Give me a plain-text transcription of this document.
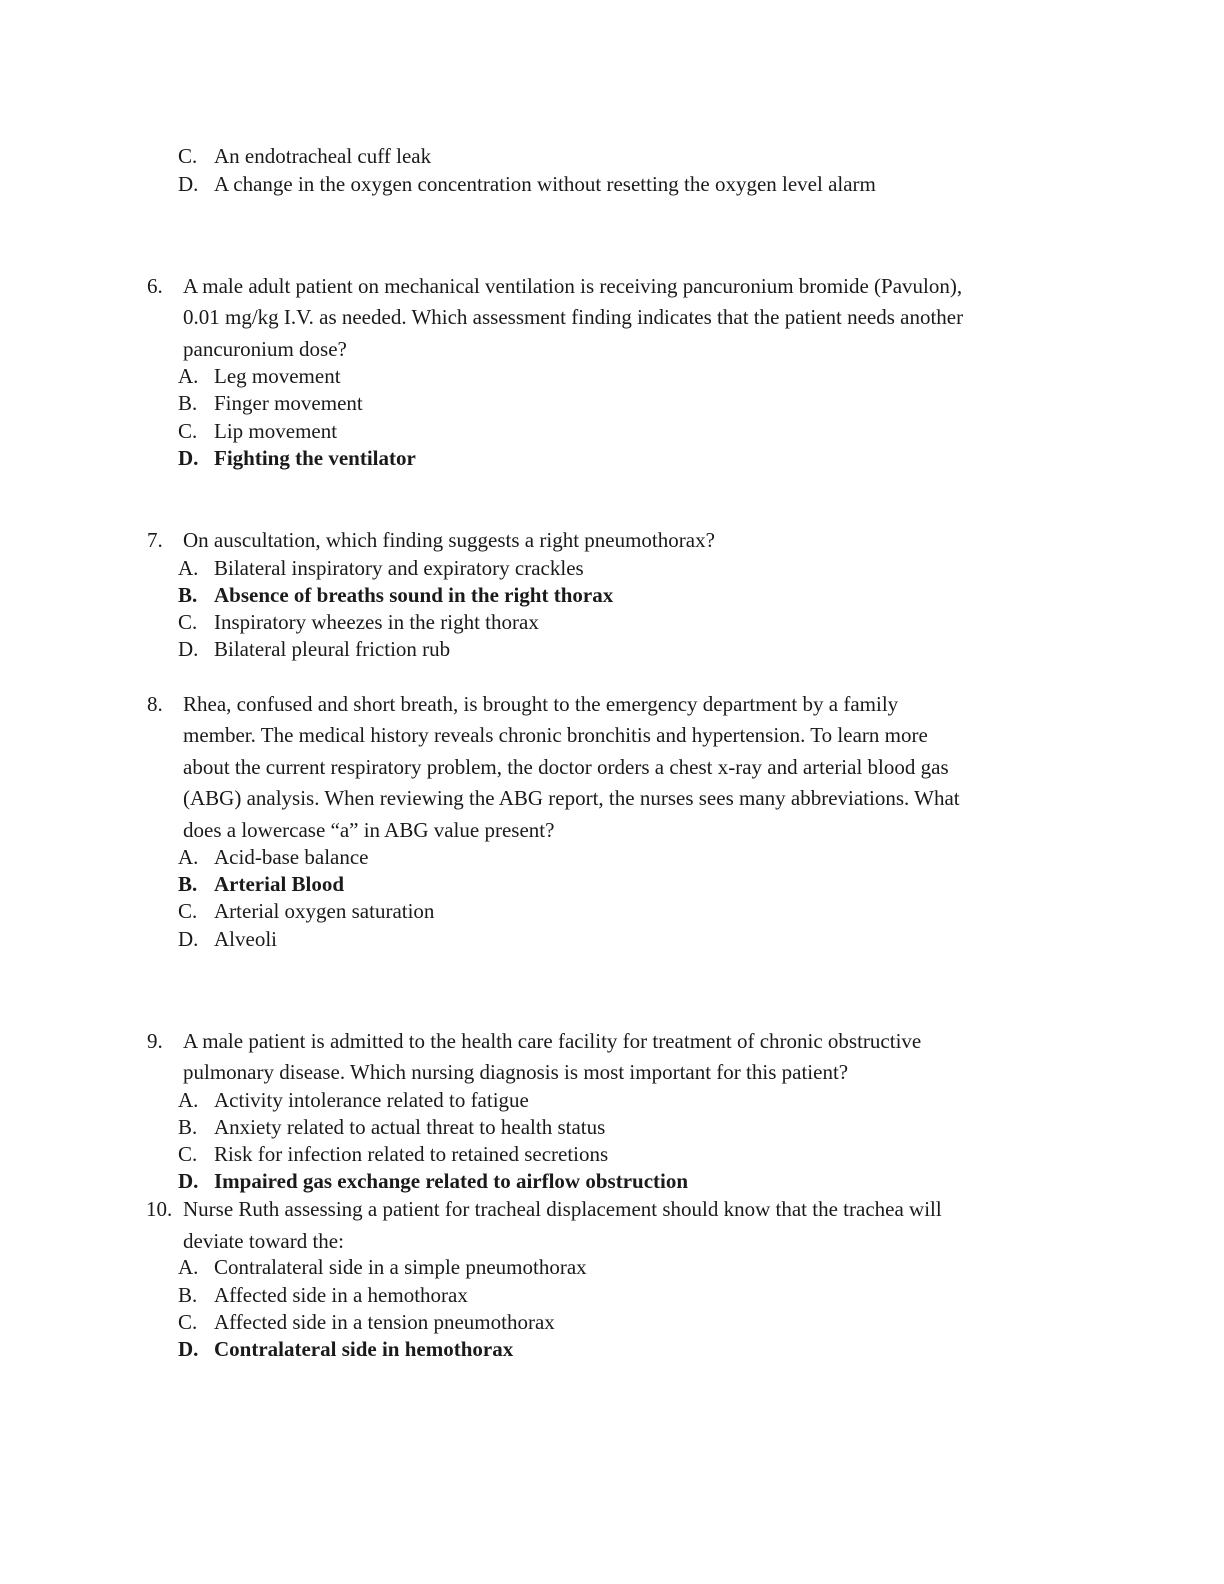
C. An endotracheal cuff leak
D. A change in the oxygen concentration without resetting the oxygen level alarm
6. A male adult patient on mechanical ventilation is receiving pancuronium bromide (Pavulon),
0.01 mg/kg I.V. as needed. Which assessment finding indicates that the patient needs another
pancuronium dose?
A. Leg movement
B. Finger movement
C. Lip movement
D. Fighting the ventilator
7. On auscultation, which finding suggests a right pneumothorax?
A. Bilateral inspiratory and expiratory crackles
B. Absence of breaths sound in the right thorax
C. Inspiratory wheezes in the right thorax
D. Bilateral pleural friction rub
8. Rhea, confused and short breath, is brought to the emergency department by a family
member. The medical history reveals chronic bronchitis and hypertension. To learn more
about the current respiratory problem, the doctor orders a chest x-ray and arterial blood gas
(ABG) analysis. When reviewing the ABG report, the nurses sees many abbreviations. What
does a lowercase “a” in ABG value present?
A. Acid-base balance
B. Arterial Blood
C. Arterial oxygen saturation
D. Alveoli
9. A male patient is admitted to the health care facility for treatment of chronic obstructive
pulmonary disease. Which nursing diagnosis is most important for this patient?
A. Activity intolerance related to fatigue
B. Anxiety related to actual threat to health status
C. Risk for infection related to retained secretions
D. Impaired gas exchange related to airflow obstruction
10. Nurse Ruth assessing a patient for tracheal displacement should know that the trachea will
deviate toward the:
A. Contralateral side in a simple pneumothorax
B. Affected side in a hemothorax
C. Affected side in a tension pneumothorax
D. Contralateral side in hemothorax
